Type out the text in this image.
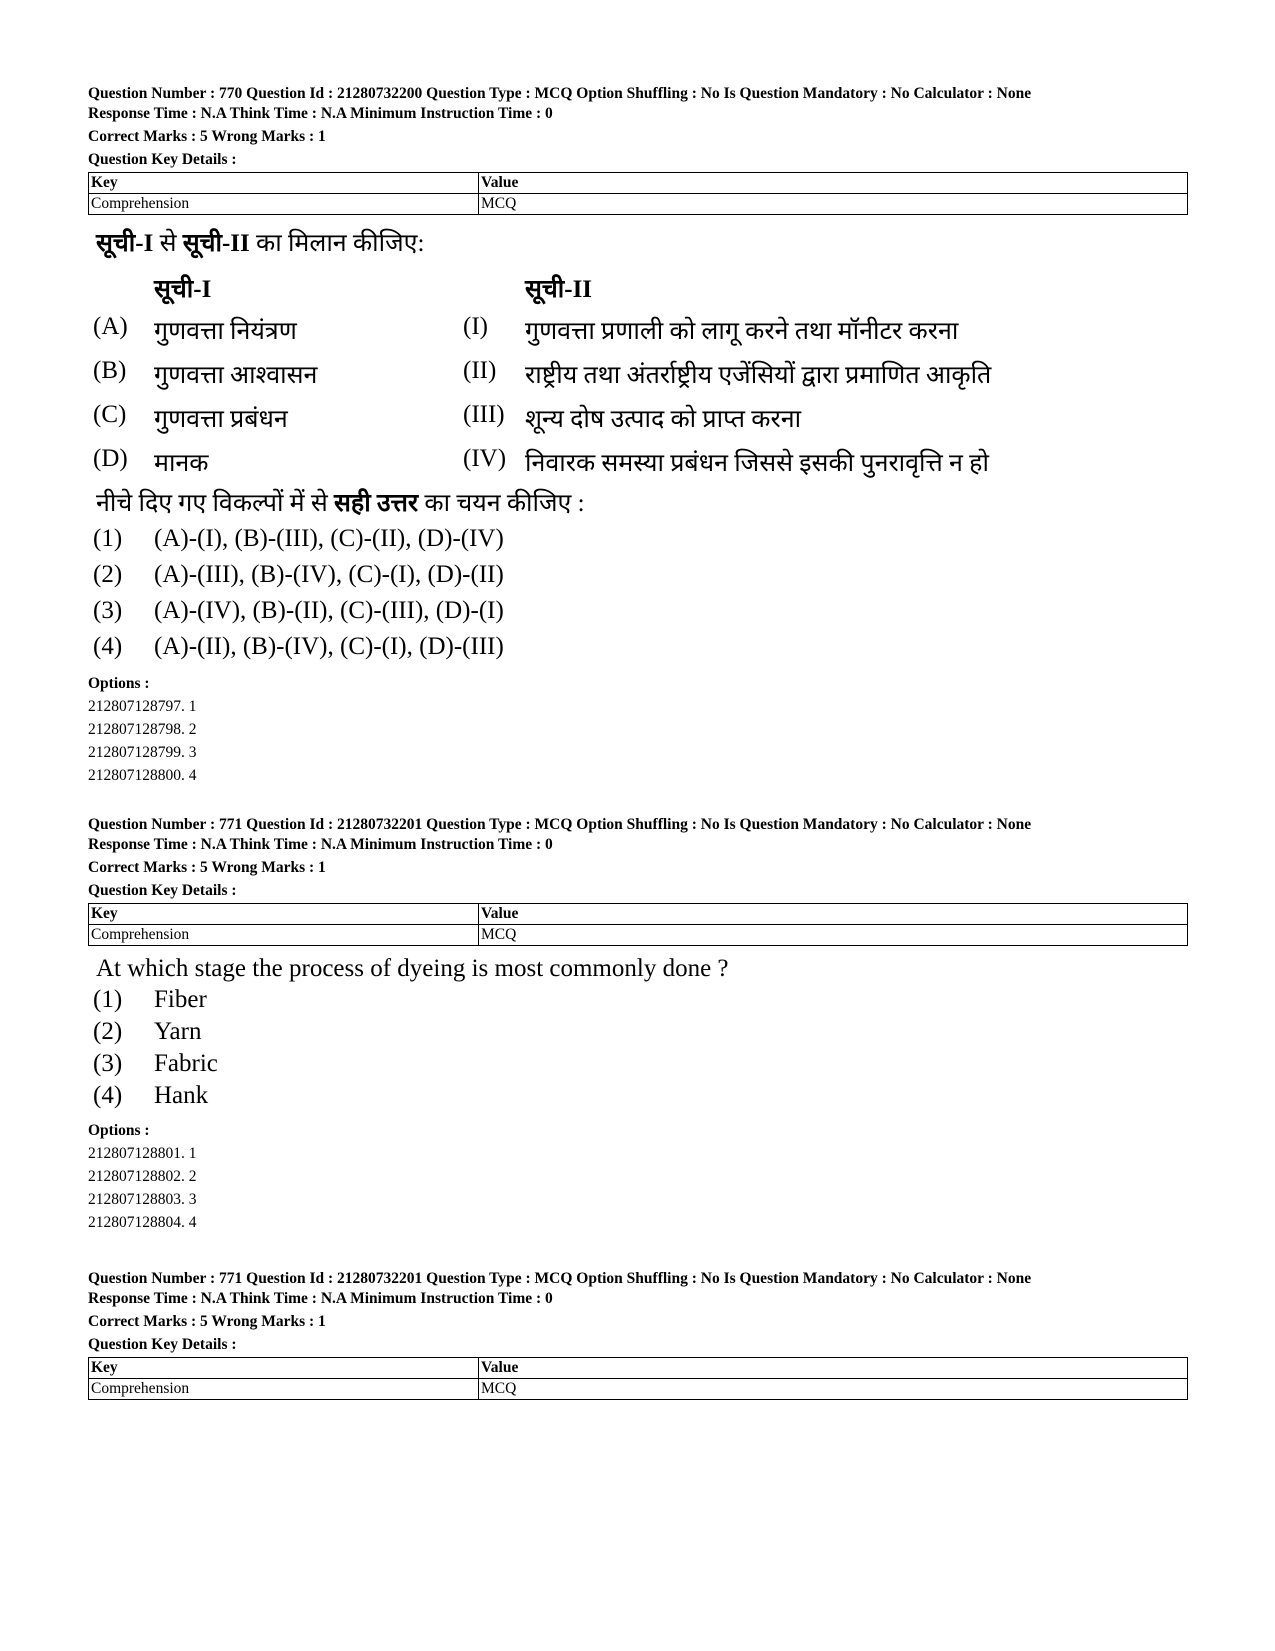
Question Number : 770 Question Id : 21280732200 Question Type : MCQ Option Shuffling : No Is Question Mandatory : No Calculator : None

Response Time : N.A Think Time : N.A Minimum Instruction Time : 0

Correct Marks : 5 Wrong Marks : 1

Question Key Details :

Key	Value
Comprehension	MCQ

सूची-I से सूची-II का मिलान कीजिए:

सूची-I	सूची-II
(A) गुणवत्ता नियंत्रण	(I) गुणवत्ता प्रणाली को लागू करने तथा मॉनीटर करना
(B) गुणवत्ता आश्वासन	(II) राष्ट्रीय तथा अंतर्राष्ट्रीय एजेंसियों द्वारा प्रमाणित आकृति
(C) गुणवत्ता प्रबंधन	(III) शून्य दोष उत्पाद को प्राप्त करना
(D) मानक	(IV) निवारक समस्या प्रबंधन जिससे इसकी पुनरावृत्ति न हो

नीचे दिए गए विकल्पों में से सही उत्तर का चयन कीजिए :

(1) (A)-(I), (B)-(III), (C)-(II), (D)-(IV)
(2) (A)-(III), (B)-(IV), (C)-(I), (D)-(II)
(3) (A)-(IV), (B)-(II), (C)-(III), (D)-(I)
(4) (A)-(II), (B)-(IV), (C)-(I), (D)-(III)
Options :
212807128797. 1
212807128798. 2
212807128799. 3
212807128800. 4

Question Number : 771 Question Id : 21280732201 Question Type : MCQ Option Shuffling : No Is Question Mandatory : No Calculator : None

Response Time : N.A Think Time : N.A Minimum Instruction Time : 0

Correct Marks : 5 Wrong Marks : 1

Question Key Details :

Key	Value
Comprehension	MCQ
At which stage the process of dyeing is most commonly done ?
(1) Fiber
(2) Yarn
(3) Fabric
(4) Hank
Options :
212807128801. 1
212807128802. 2
212807128803. 3
212807128804. 4

Question Number : 771 Question Id : 21280732201 Question Type : MCQ Option Shuffling : No Is Question Mandatory : No Calculator : None

Response Time : N.A Think Time : N.A Minimum Instruction Time : 0

Correct Marks : 5 Wrong Marks : 1

Question Key Details :

Key	Value
Comprehension	MCQ
